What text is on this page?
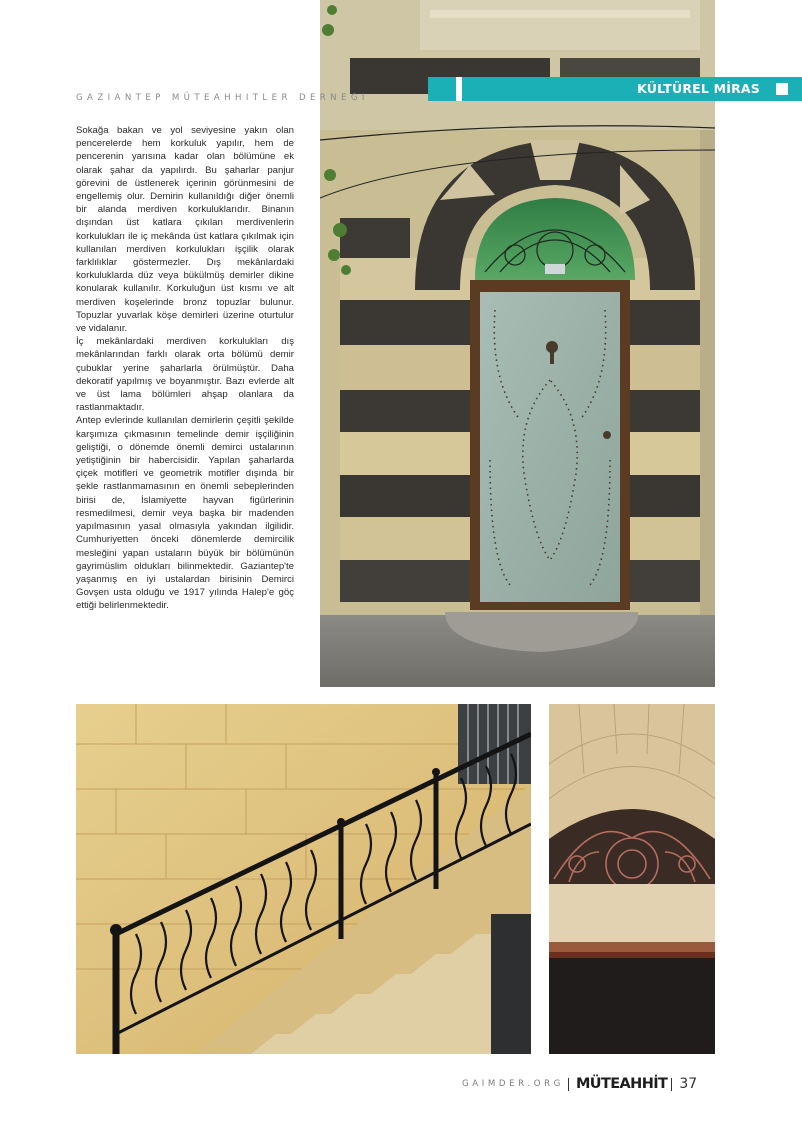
GAZIANTEP MÜTEAHHITLER DERNEGI
KÜLTÜREL MİRAS

Sokağa bakan ve yol seviyesine yakın olan pencerelerde hem korkuluk yapılır, hem de pencerenin yarısına kadar olan bölümüne ek olarak şahar da yapılırdı. Bu şaharlar panjur görevini de üstlenerek içerinin görünmesini de engellemiş olur. Demirin kullanıldığı diğer önemli bir alanda merdiven korkuluklarıdır. Binanın dışından üst katlara çıkılan merdivenlerin korkulukları ile iç mekânda üst katlara çıkılmak için kullanılan merdiven korkulukları işçilik olarak farklılıklar göstermezler. Dış mekânlardaki korkuluklarda düz veya bükülmüş demirler dikine konularak kullanılır. Korkuluğun üst kısmı ve alt merdiven koşelerinde bronz topuzlar bulunur. Topuzlar yuvarlak köşe demirleri üzerine oturtulur ve vidalanır.

İç mekânlardaki merdiven korkulukları dış mekânlarından farklı olarak orta bölümü demir çubuklar yerine şaharlarla örülmüştür. Daha dekoratif yapılmış ve boyanmıştır. Bazı evlerde alt ve üst lama bölümleri ahşap olanlara da rastlanmaktadır.

Antep evlerinde kullanılan demirlerin çeşitli şekilde karşımıza çıkmasının temelinde demir işçiliğinin geliştiği, o dönemde önemli demirci ustalarının yetiştiğinin bir habercisidir. Yapılan şaharlarda çiçek motifleri ve geometrik motifler dışında bir şekle rastlanmamasının en önemli sebeplerinden birisi de, İslamiyette hayvan figürlerinin resmedilmesi, demir veya başka bir madenden yapılmasının yasal olmasıyla yakından ilgilidir. Cumhuriyetten önceki dönemlerde demircilik mesleğini yapan ustaların büyük bir bölümünün gayrimüslim oldukları bilinmektedir. Gaziantep'te yaşanmış en iyi ustalardan birisinin Demirci Govşen usta olduğu ve 1917 yılında Halep'e göç ettiği belirlenmektedir.

GAIMDER.ORG MÜTEAHHİT 37
